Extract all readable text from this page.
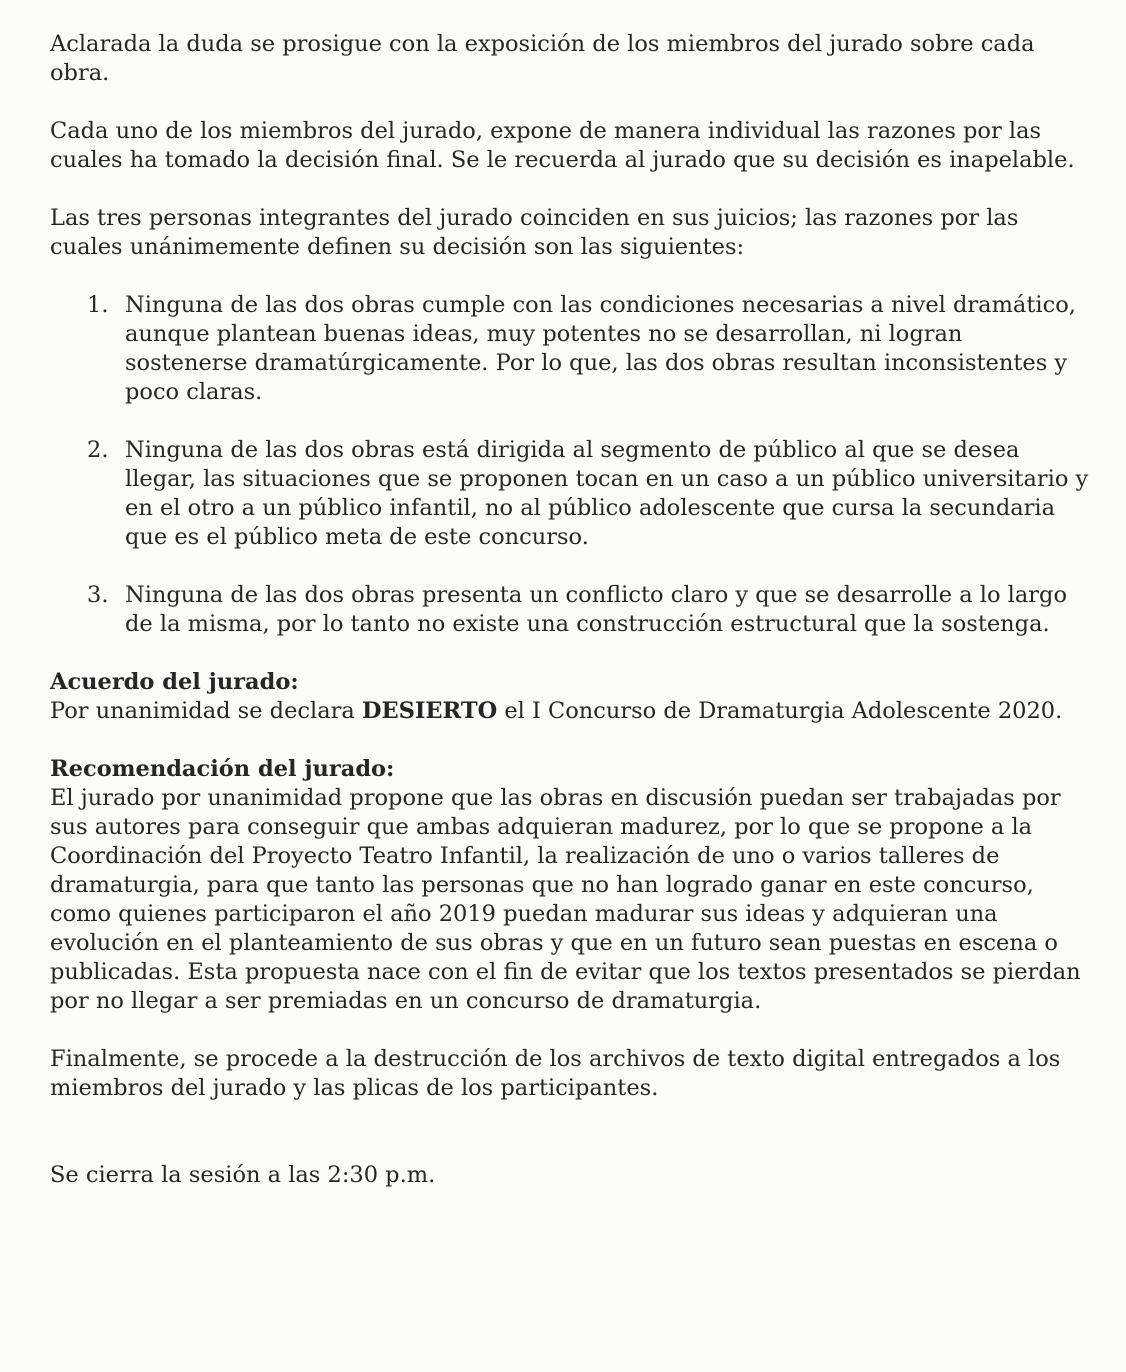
Aclarada la duda se prosigue con la exposición de los miembros del jurado sobre cada obra.

Cada uno de los miembros del jurado, expone de manera individual las razones por las cuales ha tomado la decisión final. Se le recuerda al jurado que su decisión es inapelable.

Las tres personas integrantes del jurado coinciden en sus juicios; las razones por las cuales unánimemente definen su decisión son las siguientes:

1. Ninguna de las dos obras cumple con las condiciones necesarias a nivel dramático, aunque plantean buenas ideas, muy potentes no se desarrollan, ni logran sostenerse dramatúrgicamente. Por lo que, las dos obras resultan inconsistentes y poco claras.
2. Ninguna de las dos obras está dirigida al segmento de público al que se desea llegar, las situaciones que se proponen tocan en un caso a un público universitario y en el otro a un público infantil, no al público adolescente que cursa la secundaria que es el público meta de este concurso.
3. Ninguna de las dos obras presenta un conflicto claro y que se desarrolle a lo largo de la misma, por lo tanto no existe una construcción estructural que la sostenga.

Acuerdo del jurado:

Por unanimidad se declara DESIERTO el I Concurso de Dramaturgia Adolescente 2020.

Recomendación del jurado:

El jurado por unanimidad propone que las obras en discusión puedan ser trabajadas por sus autores para conseguir que ambas adquieran madurez, por lo que se propone a la Coordinación del Proyecto Teatro Infantil, la realización de uno o varios talleres de dramaturgia, para que tanto las personas que no han logrado ganar en este concurso, como quienes participaron el año 2019 puedan madurar sus ideas y adquieran una evolución en el planteamiento de sus obras y que en un futuro sean puestas en escena o publicadas. Esta propuesta nace con el fin de evitar que los textos presentados se pierdan por no llegar a ser premiadas en un concurso de dramaturgia.

Finalmente, se procede a la destrucción de los archivos de texto digital entregados a los miembros del jurado y las plicas de los participantes.

Se cierra la sesión a las 2:30 p.m.
